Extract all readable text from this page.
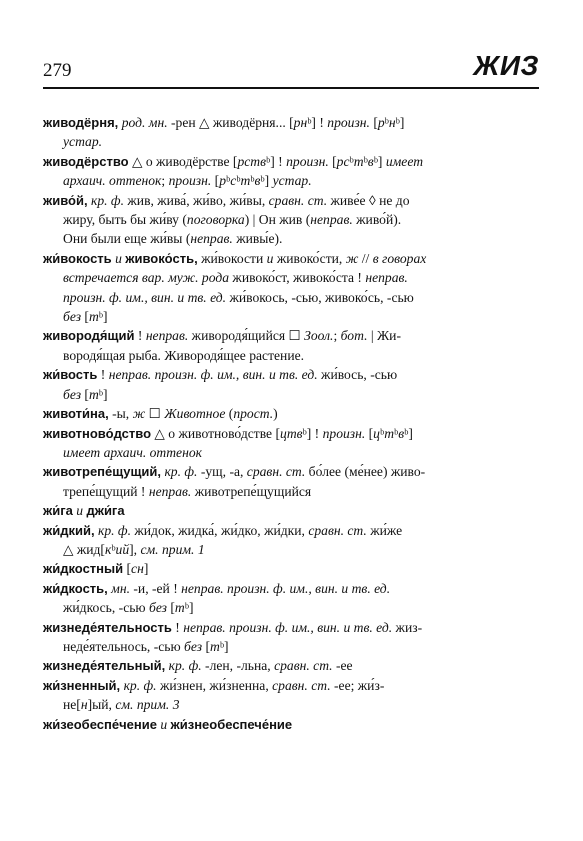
279	ЖИЗ
живодёрня, род. мн. -рен △ живодёрня... [рнᵇ] ! произн. [рᵇнᵇ]
устар.
живодёрство △ о живодёрстве [рствᵇ] ! произн. [рсᵇтᵇвᵇ] имеет
архаич. оттенок; произн. [рᵇсᵇтᵇвᵇ] устар.
живо́й, кр. ф. жив, жива́, жи́во, жи́вы, сравн. ст. живе́е ◊ не до
жиру, быть бы жи́ву (поговорка) | Он жив (неправ. живо́й).
Они были еще жи́вы (неправ. живы́е).
жи́вокость и живоко́сть, жи́вокости и живоко́сти, ж // в говорах
встречается вар. муж. рода живоко́ст, живоко́ста ! неправ.
произн. ф. им., вин. и тв. ед. жи́вокось, -сью, живоко́сь, -сью
без [тᵇ]
живородя́щий ! неправ. живородя́щийся ☐ Зоол.; бот. | Жи-
вородя́щая рыба. Живородя́щее растение.
жи́вость ! неправ. произн. ф. им., вин. и тв. ед. жи́вось, -сью
без [тᵇ]
животи́на, -ы, ж ☐ Животное (прост.)
животново́дство △ о животново́дстве [цтвᵇ] ! произн. [цᵇтᵇвᵇ]
имеет архаич. оттенок
животрепе́щущий, кр. ф. -ущ, -а, сравн. ст. бо́лее (ме́нее) живо-
трепе́щущий ! неправ. животрепе́щущийся
жи́га и джи́га
жи́дкий, кр. ф. жи́док, жидка́, жи́дко, жи́дки, сравн. ст. жи́же
△ жид[кᵇий], см. прим. 1
жи́дкостный [сн]
жи́дкость, мн. -и, -ей ! неправ. произн. ф. им., вин. и тв. ед.
жи́дкось, -сью без [тᵇ]
жизнеде́ятельность ! неправ. произн. ф. им., вин. и тв. ед. жиз-
неде́ятельнось, -сью без [тᵇ]
жизнеде́ятельный, кр. ф. -лен, -льна, сравн. ст. -ее
жи́зненный, кр. ф. жи́знен, жи́зненна, сравн. ст. -ее; жи́з-
не[н]ый, см. прим. 3
жи́зеобеспе́чение и жи́знеобеспече́ние
